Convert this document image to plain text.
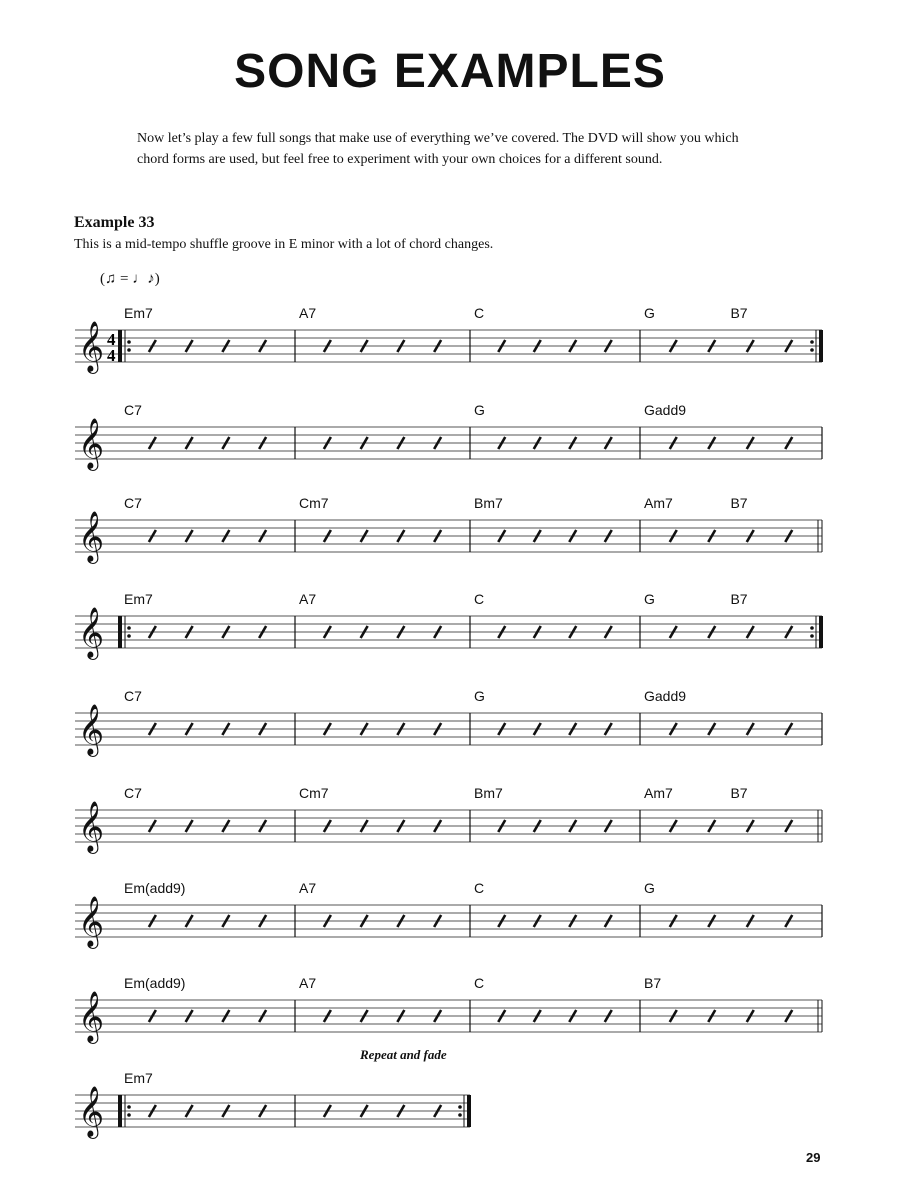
SONG EXAMPLES

Now let’s play a few full songs that make use of everything we’ve covered. The DVD will show you which chord forms are used, but feel free to experiment with your own choices for a different sound.

Example 33

This is a mid-tempo shuffle groove in E minor with a lot of chord changes.

(♫ = ♩♪)
𝄞 4
4
Em7	A7	C	G	B7
𝄞
C7	G	Gadd9
𝄞
C7	Cm7	Bm7	Am7	B7
𝄞
Em7	A7	C	G	B7
𝄞
C7	G	Gadd9
𝄞
C7	Cm7	Bm7	Am7	B7
𝄞
Em(add9)	A7	C	G
𝄞
Em(add9)	A7	C	B7
𝄞
Em7
Repeat and fade
29
